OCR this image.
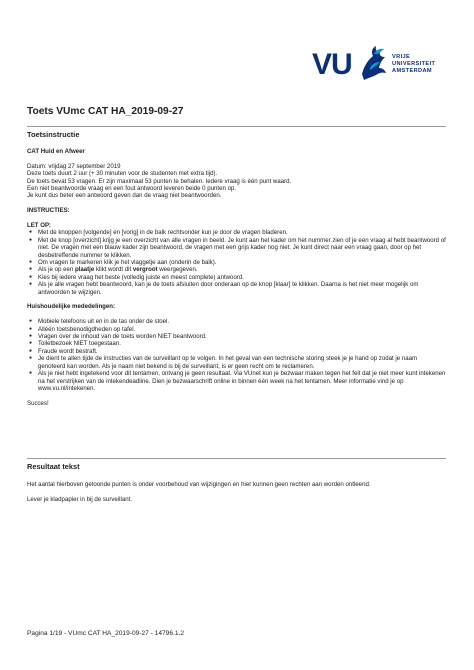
VU	VRIJE
UNIVERSITEIT
AMSTERDAM
Toets VUmc CAT HA_2019-09-27
Toetsinstructie

CAT Huid en Afweer

Datum: vrijdag 27 september 2019

Deze toets duurt 2 uur (+ 30 minuten voor de studenten met extra tijd).

De toets bevat 53 vragen. Er zijn maximaal 53 punten te behalen. Iedere vraag is één punt waard.

Een niet beantwoorde vraag en een fout antwoord leveren beide 0 punten op.

Je kunt dus beter een antwoord geven dan de vraag niet beantwoorden.

INSTRUCTIES:

LET OP:

● Met de knoppen [volgende] en [vorig] in de balk rechtsonder kun je door de vragen bladeren.
● Met de knop [overzicht] krijg je een overzicht van alle vragen in beeld. Je kunt aan het kader om het nummer zien of je een vraag al hebt beantwoord of niet. De vragen met een blauw kader zijn beantwoord, de vragen met een grijs kader nog niet. Je kunt direct naar een vraag gaan, door op het desbetreffende nummer te klikken.
● Om vragen te markeren klik je het vlaggetje aan (onderin de balk).
● Als je op een plaatje klikt wordt dit vergroot weergegeven.
● Kies bij iedere vraag het beste (volledig juiste en meest complete) antwoord.
● Als je alle vragen hebt beantwoord, kan je de toets afsluiten door onderaan op de knop [klaar] te klikken. Daarna is het niet meer mogelijk om antwoorden te wijzigen.

Huishoudelijke mededelingen:

● Mobiele telefoons uit en in de tas onder de stoel.
● Alléén toetsbenodigdheden op tafel.
● Vragen over de inhoud van de toets worden NIET beantwoord.
● Toiletbezoek NIET toegestaan.
● Fraude wordt bestraft.
● Je dient te allen tijde de instructies van de surveillant op te volgen. In het geval van een technische storing steek je je hand op zodat je naam genoteerd kan worden. Als je naam niet bekend is bij de surveillant, is er geen recht om te reclameren.
● Als je niet hebt ingetekend voor dit tentamen, ontvang je geen resultaat. Via VUnet kun je bezwaar maken tegen het feit dat je niet meer kunt intekenen na het verstrijken van de intekendeadline. Dien je bezwaarschrift online in binnen één week na het tentamen. Meer informatie vind je op www.vu.nl/intekenen.

Succes!

Resultaat tekst

Het aantal hierboven getoonde punten is onder voorbehoud van wijzigingen en hier kunnen geen rechten aan worden ontleend.

Lever je kladpapier in bij de surveillant.

Pagina 1/19 - VUmc CAT HA_2019-09-27 - 14796.1.2
